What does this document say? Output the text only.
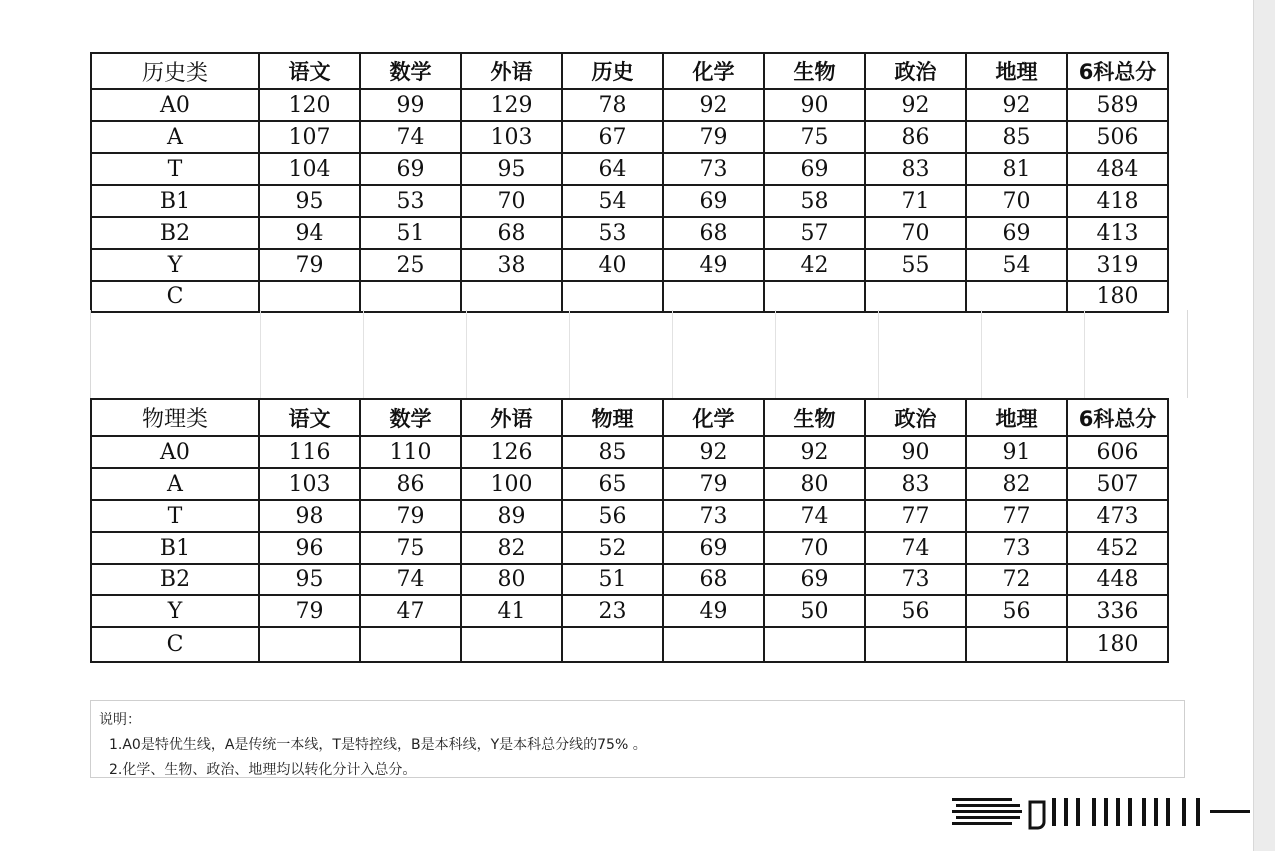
历史类	语文	数学	外语	历史	化学	生物	政治	地理	6科总分
A0	120	99	129	78	92	90	92	92	589
A	107	74	103	67	79	75	86	85	506
T	104	69	95	64	73	69	83	81	484
B1	95	53	70	54	69	58	71	70	418
B2	94	51	68	53	68	57	70	69	413
Y	79	25	38	40	49	42	55	54	319
C									180
物理类	语文	数学	外语	物理	化学	生物	政治	地理	6科总分
A0	116	110	126	85	92	92	90	91	606
A	103	86	100	65	79	80	83	82	507
T	98	79	89	56	73	74	77	77	473
B1	96	75	82	52	69	70	74	73	452
B2	95	74	80	51	68	69	73	72	448
Y	79	47	41	23	49	50	56	56	336
C									180
说明：
1.A0是特优生线，A是传统一本线，T是特控线，B是本科线，Y是本科总分线的75% 。
2.化学、生物、政治、地理均以转化分计入总分。
